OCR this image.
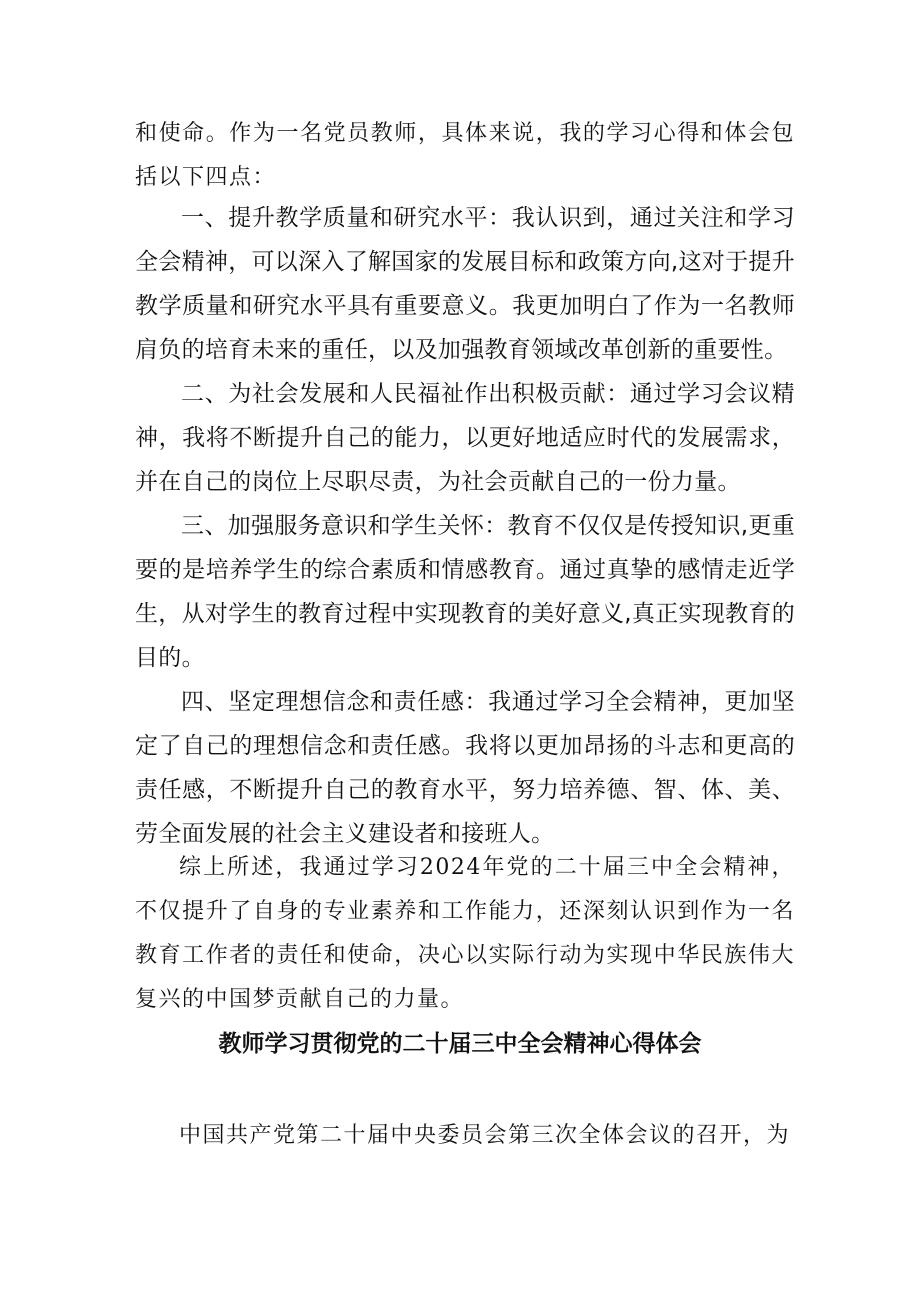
和使命。作为一名党员教师，具体来说，我的学习心得和体会包括以下四点：

一、提升教学质量和研究水平：我认识到，通过关注和学习全会精神，可以深入了解国家的发展目标和政策方向,这对于提升教学质量和研究水平具有重要意义。我更加明白了作为一名教师肩负的培育未来的重任，以及加强教育领域改革创新的重要性。

二、为社会发展和人民福祉作出积极贡献：通过学习会议精神，我将不断提升自己的能力，以更好地适应时代的发展需求，并在自己的岗位上尽职尽责，为社会贡献自己的一份力量。

三、加强服务意识和学生关怀：教育不仅仅是传授知识,更重要的是培养学生的综合素质和情感教育。通过真挚的感情走近学生，从对学生的教育过程中实现教育的美好意义,真正实现教育的目的。

四、坚定理想信念和责任感：我通过学习全会精神，更加坚定了自己的理想信念和责任感。我将以更加昂扬的斗志和更高的责任感，不断提升自己的教育水平，努力培养德、智、体、美、劳全面发展的社会主义建设者和接班人。

综上所述，我通过学习2024年党的二十届三中全会精神，不仅提升了自身的专业素养和工作能力，还深刻认识到作为一名教育工作者的责任和使命，决心以实际行动为实现中华民族伟大复兴的中国梦贡献自己的力量。

教师学习贯彻党的二十届三中全会精神心得体会

中国共产党第二十届中央委员会第三次全体会议的召开，为
